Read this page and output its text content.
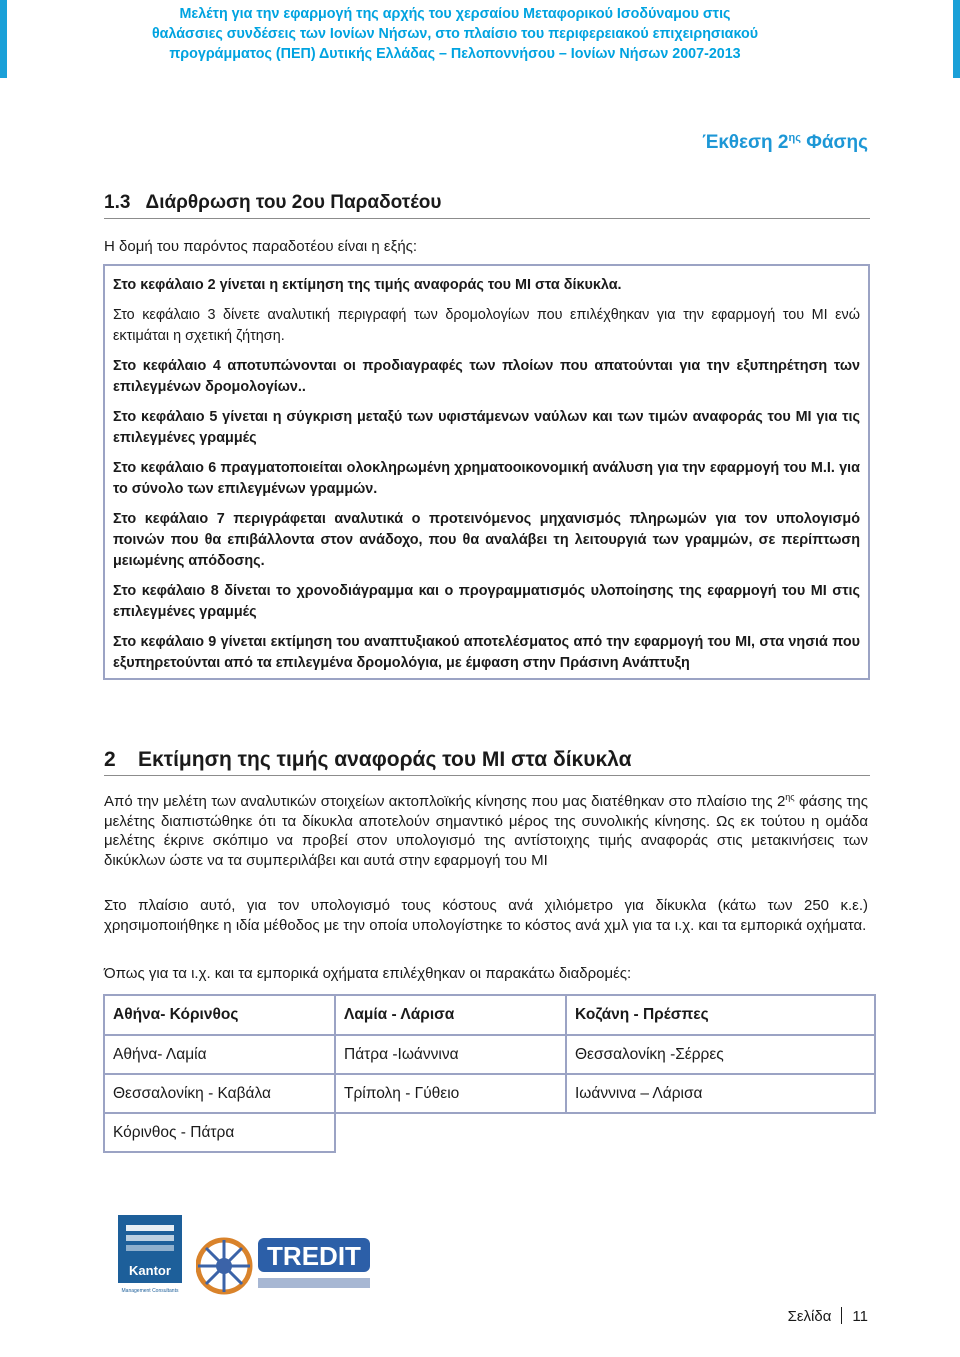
Μελέτη για την εφαρμογή της αρχής του χερσαίου Μεταφορικού Ισοδύναμου στις
θαλάσσιες συνδέσεις των Ιονίων Νήσων, στο πλαίσιο του περιφερειακού επιχειρησιακού
προγράμματος (ΠΕΠ) Δυτικής Ελλάδας – Πελοποννήσου – Ιονίων Νήσων 2007-2013
Έκθεση $2^{\eta\varsigma}$ Φάσης
1.3   Διάρθρωση του 2ου Παραδοτέου
Η δομή του παρόντος παραδοτέου είναι η εξής:

Στο κεφάλαιο 2 γίνεται η εκτίμηση της τιμής αναφοράς του ΜΙ στα δίκυκλα.

Στο κεφάλαιο 3 δίνετε αναλυτική περιγραφή των δρομολογίων που επιλέχθηκαν για την εφαρμογή του ΜΙ ενώ εκτιμάται η σχετική ζήτηση.

Στο κεφάλαιο 4 αποτυπώνονται οι προδιαγραφές των πλοίων που απατούνται για την εξυπηρέτηση των επιλεγμένων δρομολογίων..

Στο κεφάλαιο 5 γίνεται η σύγκριση μεταξύ των υφιστάμενων ναύλων και των τιμών αναφοράς του ΜΙ για τις επιλεγμένες γραμμές

Στο κεφάλαιο 6 πραγματοποιείται ολοκληρωμένη χρηματοοικονομική ανάλυση για την εφαρμογή του Μ.Ι. για το σύνολο των επιλεγμένων γραμμών.

Στο κεφάλαιο 7 περιγράφεται αναλυτικά ο προτεινόμενος μηχανισμός πληρωμών για τον υπολογισμό ποινών που θα επιβάλλοντα στον ανάδοχο, που θα αναλάβει τη λειτουργιά των γραμμών, σε περίπτωση μειωμένης απόδοσης.

Στο κεφάλαιο 8 δίνεται το χρονοδιάγραμμα και ο προγραμματισμός υλοποίησης της εφαρμογή του ΜΙ στις επιλεγμένες γραμμές

Στο κεφάλαιο 9 γίνεται εκτίμηση του αναπτυξιακού αποτελέσματος από την εφαρμογή του ΜΙ, στα νησιά που εξυπηρετούνται από τα επιλεγμένα δρομολόγια, με έμφαση στην Πράσινη Ανάπτυξη

2 Εκτίμηση της τιμής αναφοράς του ΜΙ στα δίκυκλα

Από την μελέτη των αναλυτικών στοιχείων ακτοπλοϊκής κίνησης που μας διατέθηκαν στο πλαίσιο της $2^{\eta\varsigma}$ φάσης της μελέτης διαπιστώθηκε ότι τα δίκυκλα αποτελούν σημαντικό μέρος της συνολικής κίνησης. Ως εκ τούτου η ομάδα μελέτης έκρινε σκόπιμο να προβεί στον υπολογισμό της αντίστοιχης τιμής αναφοράς στις μετακινήσεις των δικύκλων ώστε να τα συμπεριλάβει και αυτά στην εφαρμογή του ΜΙ

Στο πλαίσιο αυτό, για τον υπολογισμό τους κόστους ανά χιλιόμετρο για δίκυκλα (κάτω των 250 κ.ε.) χρησιμοποιήθηκε η ιδία μέθοδος με την οποία υπολογίστηκε το κόστος ανά χμλ για τα ι.χ. και τα εμπορικά οχήματα.

Όπως για τα ι.χ. και τα εμπορικά οχήματα επιλέχθηκαν οι παρακάτω διαδρομές:

Αθήνα- Κόρινθος	Λαμία - Λάρισα	Κοζάνη - Πρέσπες
Αθήνα- Λαμία	Πάτρα -Ιωάννινα	Θεσσαλονίκη -Σέρρες
Θεσσαλονίκη - Καβάλα	Τρίπολη - Γύθειο	Ιωάννινα – Λάρισα
Κόρινθος - Πάτρα		
Kantor
Management Consultants
TREDIT
Σελίδα 11
